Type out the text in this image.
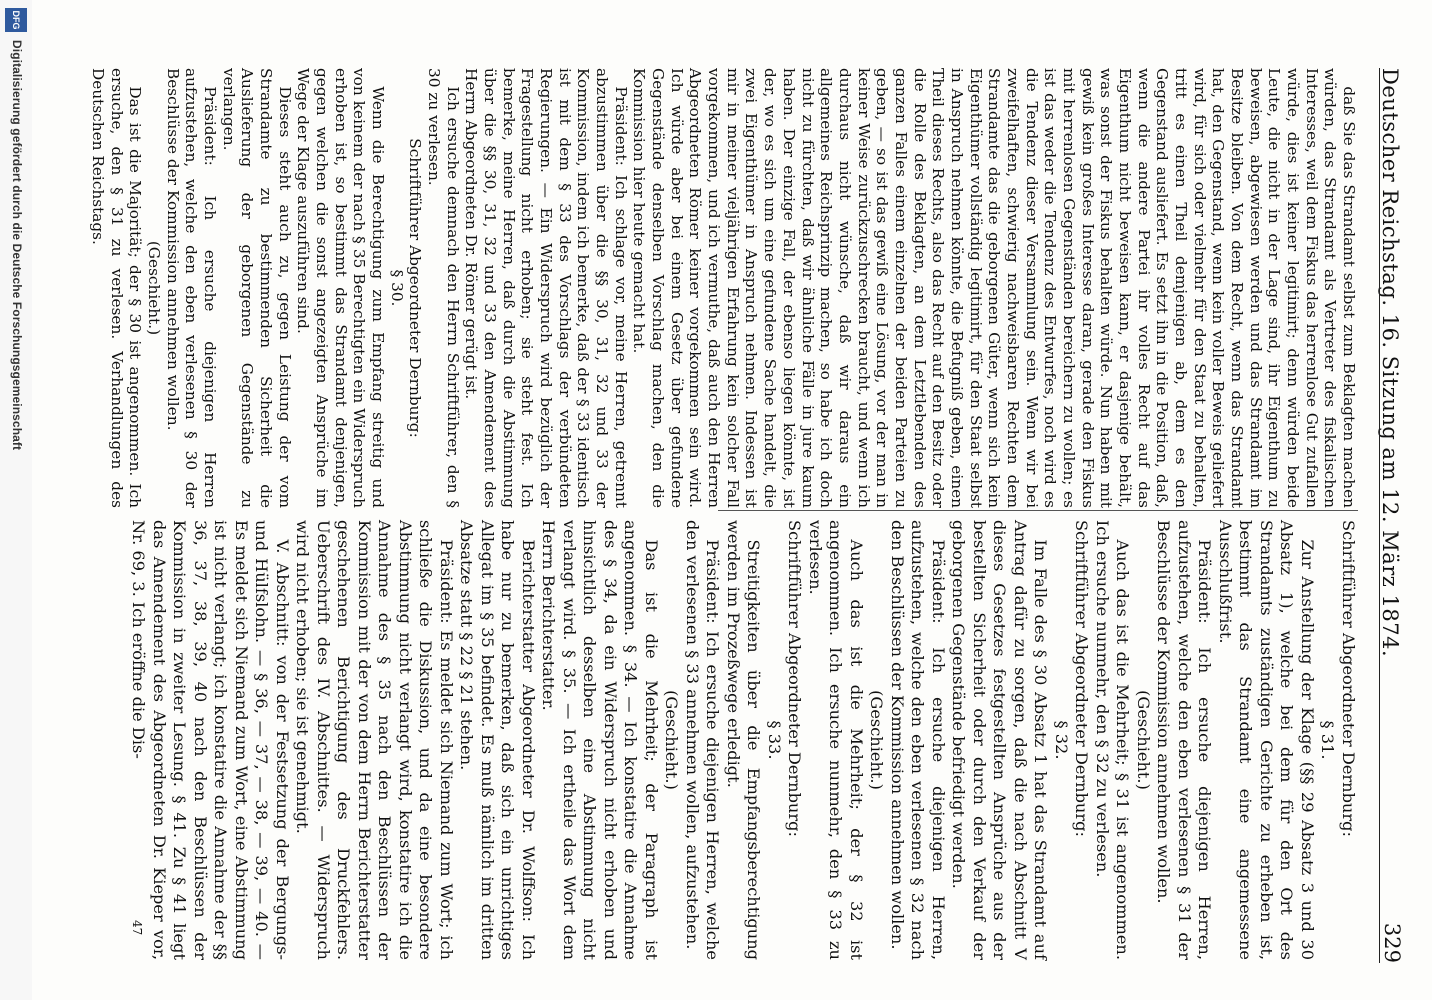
Deutscher Reichstag. 16. Sitzung am 12. März 1874.
329

daß Sie das Strandamt selbst zum Beklagten machen würden, das Strandamt als Vertreter des fiskalischen Interesses, weil dem Fiskus das herrenlose Gut zufallen würde, dies ist keiner legitimirt; denn würden beide Leute, die nicht in der Lage sind, ihr Eigenthum zu beweisen, abgewiesen werden und das Strandamt im Besitze bleiben. Von dem Recht, wenn das Strandamt hat, den Gegenstand, wenn kein voller Beweis geliefert wird, für sich oder vielmehr für den Staat zu behalten, tritt es einen Theil demjenigen ab, dem es den Gegenstand ausliefert. Es setzt ihn in die Position, daß, wenn die andere Partei ihr volles Recht auf das Eigenthum nicht beweisen kann, er dasjenige behält, was sonst der Fiskus behalten würde. Nun haben mit gewiß kein großes Interesse daran, gerade den Fiskus mit herrenlosen Gegenständen bereichern zu wollen; es ist das weder die Tendenz des Entwurfes, noch wird es die Tendenz dieser Versammlung sein. Wenn wir bei zweifelhaften, schwierig nachweisbaren Rechten dem Strandamte das die geborgenen Güter, wenn sich kein Eigenthümer vollständig legitimirt, für den Staat selbst in Anspruch nehmen könnte, die Befugniß geben, einen Theil dieses Rechts, also das Recht auf den Besitz oder die Rolle des Beklagten, an dem Letztlebenden des ganzen Falles einem einzelnen der beiden Parteien zu geben, — so ist das gewiß eine Lösung, vor der man in keiner Weise zurückzuschrecken braucht, und wenn ich durchaus nicht wünsche, daß wir daraus ein allgemeines Reichsprinzip machen, so habe ich doch nicht zu fürchten, daß wir ähnliche Fälle in jure kaum haben. Der einzige Fall, der ebenso liegen könnte, ist der, wo es sich um eine gefundene Sache handelt, die zwei Eigenthümer in Anspruch nehmen. Indessen ist mir in meiner vieljährigen Erfahrung kein solcher Fall vorgekommen, und ich vermuthe, daß auch den Herren Abgeordneten Römer keiner vorgekommen sein wird. Ich würde aber bei einem Gesetz über gefundene Gegenstände denselben Vorschlag machen, den die Kommission hier heute gemacht hat.

Präsident: Ich schlage vor, meine Herren, getrennt abzustimmen über die §§ 30, 31, 32 und 33 der Kommission, indem ich bemerke, daß der § 33 identisch ist mit dem § 33 des Vorschlags der verbündeten Regierungen. — Ein Widerspruch wird bezüglich der Fragestellung nicht erhoben; sie steht fest. Ich bemerke, meine Herren, daß durch die Abstimmung über die §§ 30, 31, 32 und 33 den Amendement des Herrn Abgeordneten Dr. Römer gerügt ist.

Ich ersuche demnach den Herrn Schriftführer, den § 30 zu verlesen.

Schriftführer Abgeordneter Dernburg:

§ 30.

Wenn die Berechtigung zum Empfang streitig und von keinem der nach § 35 Berechtigten ein Widerspruch erhoben ist, so bestimmt das Strandamt denjenigen, gegen welchen die sonst angezeigten Ansprüche im Wege der Klage auszuführen sind.

Dieses steht auch zu, gegen Leistung der vom Strandamte zu bestimmenden Sicherheit die Auslieferung der geborgenen Gegenstände zu verlangen.

Präsident: Ich ersuche diejenigen Herren aufzustehen, welche den eben verlesenen § 30 der Beschlüsse der Kommission annehmen wollen.

(Geschieht.)

Das ist die Majorität; der § 30 ist angenommen. Ich ersuche, den § 31 zu verlesen. Verhandlungen des Deutschen Reichstags.

Schriftführer Abgeordneter Dernburg:

§ 31.

Zur Anstellung der Klage (§§ 29 Absatz 3 und 30 Absatz 1), welche bei dem für den Ort des Strandamts zuständigen Gerichte zu erheben ist, bestimmt das Strandamt eine angemessene Ausschlußfrist.

Präsident: Ich ersuche diejenigen Herren, aufzustehen, welche den eben verlesenen § 31 der Beschlüsse der Kommission annehmen wollen.

(Geschieht.)

Auch das ist die Mehrheit; § 31 ist angenommen. Ich ersuche nunmehr, den § 32 zu verlesen.

Schriftführer Abgeordneter Dernburg:

§ 32.

Im Falle des § 30 Absatz 1 hat das Strandamt auf Antrag dafür zu sorgen, daß die nach Abschnitt V dieses Gesetzes festgestellten Ansprüche aus der bestellten Sicherheit oder durch den Verkauf der geborgenen Gegenstände befriedigt werden.

Präsident: Ich ersuche diejenigen Herren, aufzustehen, welche den eben verlesenen § 32 nach den Beschlüssen der Kommission annehmen wollen.

(Geschieht.)

Auch das ist die Mehrheit; der § 32 ist angenommen. Ich ersuche nunmehr, den § 33 zu verlesen.

Schriftführer Abgeordneter Dernburg:

§ 33.

Streitigkeiten über die Empfangsberechtigung werden im Prozeßwege erledigt.

Präsident: Ich ersuche diejenigen Herren, welche den verlesenen § 33 annehmen wollen, aufzustehen.

(Geschieht.)

Das ist die Mehrheit; der Paragraph ist angenommen. § 34. — Ich konstatire die Annahme des § 34, da ein Widerspruch nicht erhoben und hinsichtlich desselben eine Abstimmung nicht verlangt wird. § 35. — Ich ertheile das Wort dem Herrn Berichterstatter.

Berichterstatter Abgeordneter Dr. Wolffson: Ich habe nur zu bemerken, daß sich ein unrichtiges Allegat im § 35 befindet. Es muß nämlich im dritten Absatze statt § 22 § 21 stehen.

Präsident: Es meldet sich Niemand zum Wort; ich schließe die Diskussion, und da eine besondere Abstimmung nicht verlangt wird, konstatire ich die Annahme des § 35 nach den Beschlüssen der Kommission mit der von dem Herrn Berichterstatter geschehenen Berichtigung des Druckfehlers. Ueberschrift des IV. Abschnittes. — Widerspruch wird nicht erhoben; sie ist genehmigt.

V. Abschnitt: von der Festsetzung der Bergungs- und Hülfslohn. — § 36, — 37, — 38, — 39, — 40. — Es meldet sich Niemand zum Wort, eine Abstimmung ist nicht verlangt; ich konstatire die Annahme der §§ 36, 37, 38, 39, 40 nach den Beschlüssen der Kommission in zweiter Lesung. § 41. Zu § 41 liegt das Amendement des Abgeordneten Dr. Kieper vor, Nr. 69, 3. Ich eröffne die Dis-

47
DFG
Digitalisierung gefördert durch die Deutsche Forschungsgemeinschaft
